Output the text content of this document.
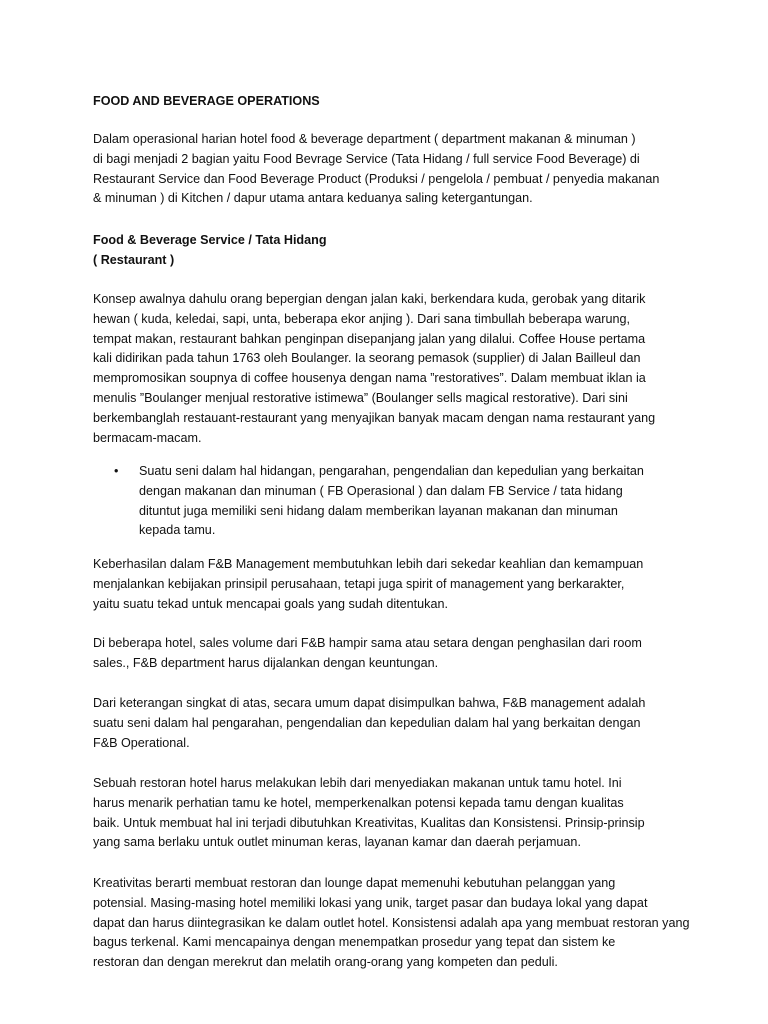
FOOD AND BEVERAGE OPERATIONS

Dalam operasional harian hotel food & beverage department ( department makanan & minuman )
di bagi menjadi 2 bagian yaitu Food Bevrage Service (Tata Hidang / full service Food Beverage) di
Restaurant Service dan Food Beverage Product (Produksi / pengelola / pembuat / penyedia makanan
& minuman ) di Kitchen / dapur utama antara keduanya saling ketergantungan.

Food & Beverage Service / Tata Hidang
( Restaurant )

Konsep awalnya dahulu orang bepergian dengan jalan kaki, berkendara kuda, gerobak yang ditarik
hewan ( kuda, keledai, sapi, unta, beberapa ekor anjing ). Dari sana timbullah beberapa warung,
tempat makan, restaurant bahkan penginpan disepanjang jalan yang dilalui. Coffee House pertama
kali didirikan pada tahun 1763 oleh Boulanger. Ia seorang pemasok (supplier) di Jalan Bailleul dan
mempromosikan soupnya di coffee housenya dengan nama ”restoratives”. Dalam membuat iklan ia
menulis ”Boulanger menjual restorative istimewa” (Boulanger sells magical restorative). Dari sini
berkembanglah restauant-restaurant yang menyajikan banyak macam dengan nama restaurant yang
bermacam-macam.

• Suatu seni dalam hal hidangan, pengarahan, pengendalian dan kepedulian yang berkaitan
dengan makanan dan minuman ( FB Operasional ) dan dalam FB Service / tata hidang
dituntut juga memiliki seni hidang dalam memberikan layanan makanan dan minuman
kepada tamu.

Keberhasilan dalam F&B Management membutuhkan lebih dari sekedar keahlian dan kemampuan
menjalankan kebijakan prinsipil perusahaan, tetapi juga spirit of management yang berkarakter,
yaitu suatu tekad untuk mencapai goals yang sudah ditentukan.

Di beberapa hotel, sales volume dari F&B hampir sama atau setara dengan penghasilan dari room
sales., F&B department harus dijalankan dengan keuntungan.

Dari keterangan singkat di atas, secara umum dapat disimpulkan bahwa, F&B management adalah
suatu seni dalam hal pengarahan, pengendalian dan kepedulian dalam hal yang berkaitan dengan
F&B Operational.

Sebuah restoran hotel harus melakukan lebih dari menyediakan makanan untuk tamu hotel. Ini
harus menarik perhatian tamu ke hotel, memperkenalkan potensi kepada tamu dengan kualitas
baik. Untuk membuat hal ini terjadi dibutuhkan Kreativitas, Kualitas dan Konsistensi. Prinsip-prinsip
yang sama berlaku untuk outlet minuman keras, layanan kamar dan daerah perjamuan.

Kreativitas berarti membuat restoran dan lounge dapat memenuhi kebutuhan pelanggan yang
potensial. Masing-masing hotel memiliki lokasi yang unik, target pasar dan budaya lokal yang dapat
dapat dan harus diintegrasikan ke dalam outlet hotel. Konsistensi adalah apa yang membuat restoran yang
bagus terkenal. Kami mencapainya dengan menempatkan prosedur yang tepat dan sistem ke
restoran dan dengan merekrut dan melatih orang-orang yang kompeten dan peduli.
